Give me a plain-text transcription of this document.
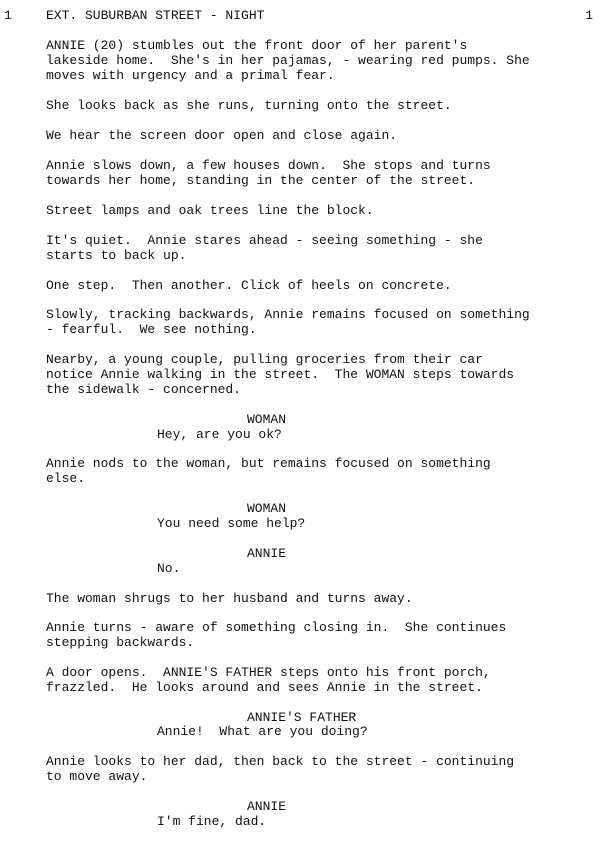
1	EXT. SUBURBAN STREET - NIGHT	1
ANNIE (20) stumbles out the front door of her parent's
lakeside home.  She's in her pajamas, - wearing red pumps. She
moves with urgency and a primal fear.
She looks back as she runs, turning onto the street.
We hear the screen door open and close again.
Annie slows down, a few houses down.  She stops and turns
towards her home, standing in the center of the street.
Street lamps and oak trees line the block.
It's quiet.  Annie stares ahead - seeing something - she
starts to back up.
One step.  Then another. Click of heels on concrete.
Slowly, tracking backwards, Annie remains focused on something
- fearful.  We see nothing.
Nearby, a young couple, pulling groceries from their car
notice Annie walking in the street.  The WOMAN steps towards
the sidewalk - concerned.
WOMAN
Hey, are you ok?
Annie nods to the woman, but remains focused on something
else.
WOMAN
You need some help?
ANNIE
No.
The woman shrugs to her husband and turns away.
Annie turns - aware of something closing in.  She continues
stepping backwards.
A door opens.  ANNIE'S FATHER steps onto his front porch,
frazzled.  He looks around and sees Annie in the street.
ANNIE'S FATHER
Annie!  What are you doing?
Annie looks to her dad, then back to the street - continuing
to move away.
ANNIE
I'm fine, dad.
